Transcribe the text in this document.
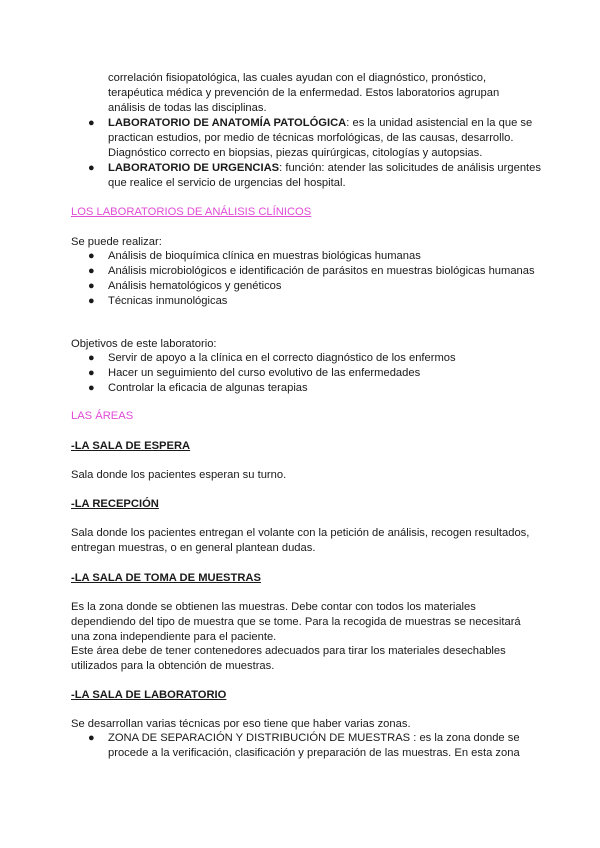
correlación fisiopatológica, las cuales ayudan con el diagnóstico, pronóstico, terapéutica médica y prevención de la enfermedad. Estos laboratorios agrupan análisis de todas las disciplinas.

● LABORATORIO DE ANATOMÍA PATOLÓGICA: es la unidad asistencial en la que se practican estudios, por medio de técnicas morfológicas, de las causas, desarrollo. Diagnóstico correcto en biopsias, piezas quirúrgicas, citologías y autopsias.
● LABORATORIO DE URGENCIAS: función: atender las solicitudes de análisis urgentes que realice el servicio de urgencias del hospital.

LOS LABORATORIOS DE ANÁLISIS CLÍNICOS

Se puede realizar:

● Análisis de bioquímica clínica en muestras biológicas humanas
● Análisis microbiológicos e identificación de parásitos en muestras biológicas humanas
● Análisis hematológicos y genéticos
● Técnicas inmunológicas

Objetivos de este laboratorio:

● Servir de apoyo a la clínica en el correcto diagnóstico de los enfermos
● Hacer un seguimiento del curso evolutivo de las enfermedades
● Controlar la eficacia de algunas terapias

LAS ÁREAS

-LA SALA DE ESPERA

Sala donde los pacientes esperan su turno.

-LA RECEPCIÓN

Sala donde los pacientes entregan el volante con la petición de análisis, recogen resultados, entregan muestras, o en general plantean dudas.

-LA SALA DE TOMA DE MUESTRAS

Es la zona donde se obtienen las muestras. Debe contar con todos los materiales dependiendo del tipo de muestra que se tome. Para la recogida de muestras se necesitará una zona independiente para el paciente.

Este área debe de tener contenedores adecuados para tirar los materiales desechables utilizados para la obtención de muestras.

-LA SALA DE LABORATORIO

Se desarrollan varias técnicas por eso tiene que haber varias zonas.

● ZONA DE SEPARACIÓN Y DISTRIBUCIÓN DE MUESTRAS : es la zona donde se procede a la verificación, clasificación y preparación de las muestras. En esta zona
